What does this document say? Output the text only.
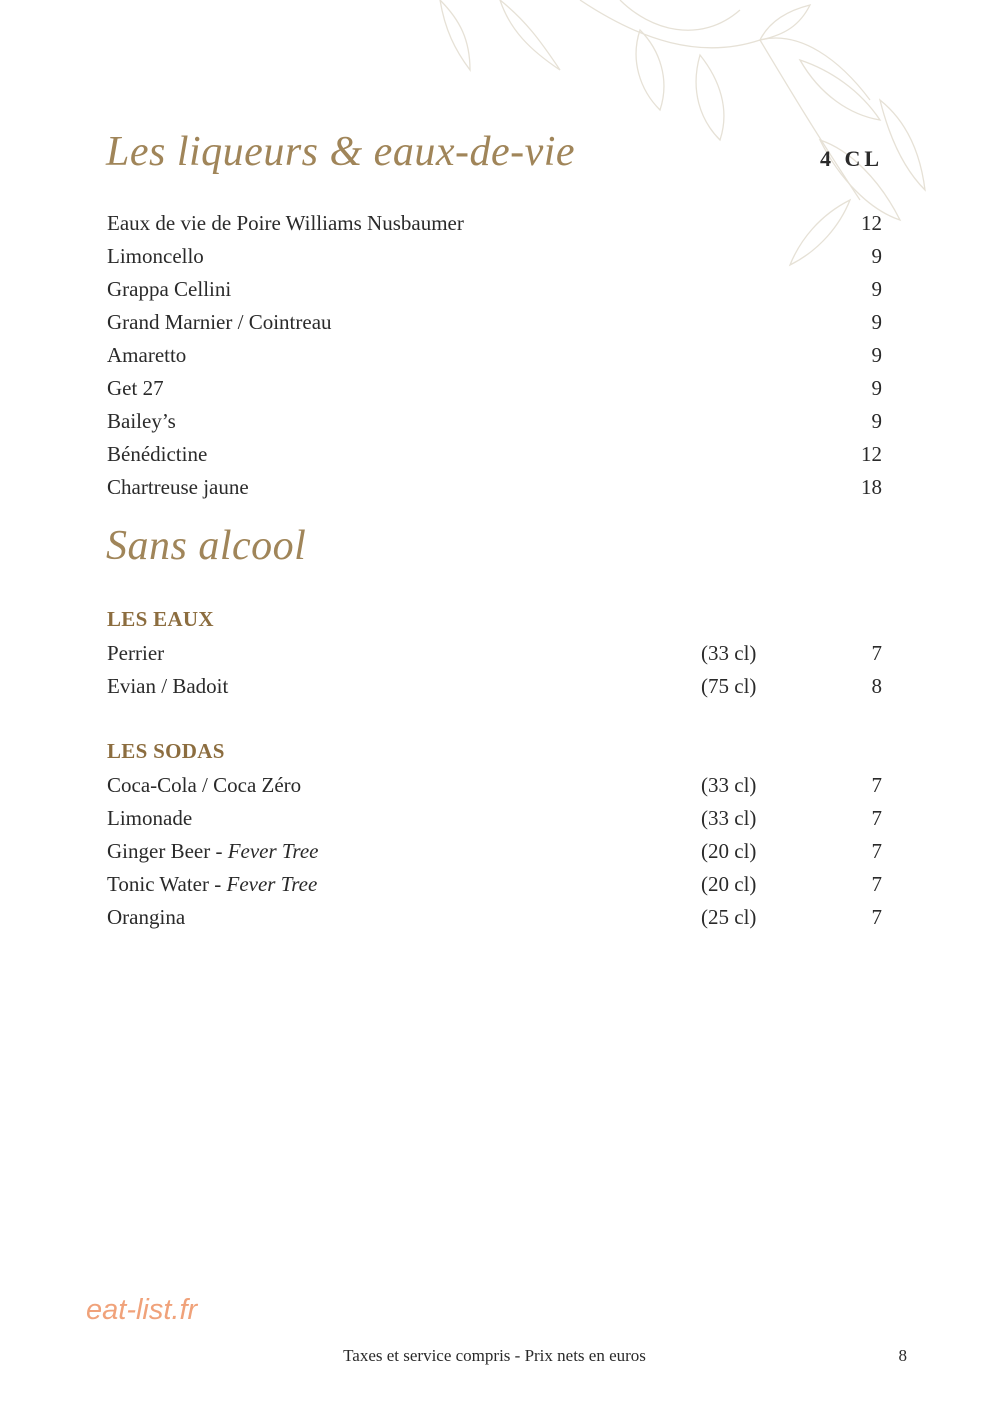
Les liqueurs & eaux-de-vie	4 CL
Eaux de vie de Poire Williams Nusbaumer	12
Limoncello	9
Grappa Cellini	9
Grand Marnier / Cointreau	9
Amaretto	9
Get 27	9
Bailey’s	9
Bénédictine	12
Chartreuse jaune	18
Sans alcool
LES EAUX
Perrier	(33 cl)	7
Evian / Badoit	(75 cl)	8
LES SODAS
Coca-Cola / Coca Zéro	(33 cl)	7
Limonade	(33 cl)	7
Ginger Beer - Fever Tree	(20 cl)	7
Tonic Water - Fever Tree	(20 cl)	7
Orangina	(25 cl)	7
eat-list.fr
Taxes et service compris - Prix nets en euros	8
